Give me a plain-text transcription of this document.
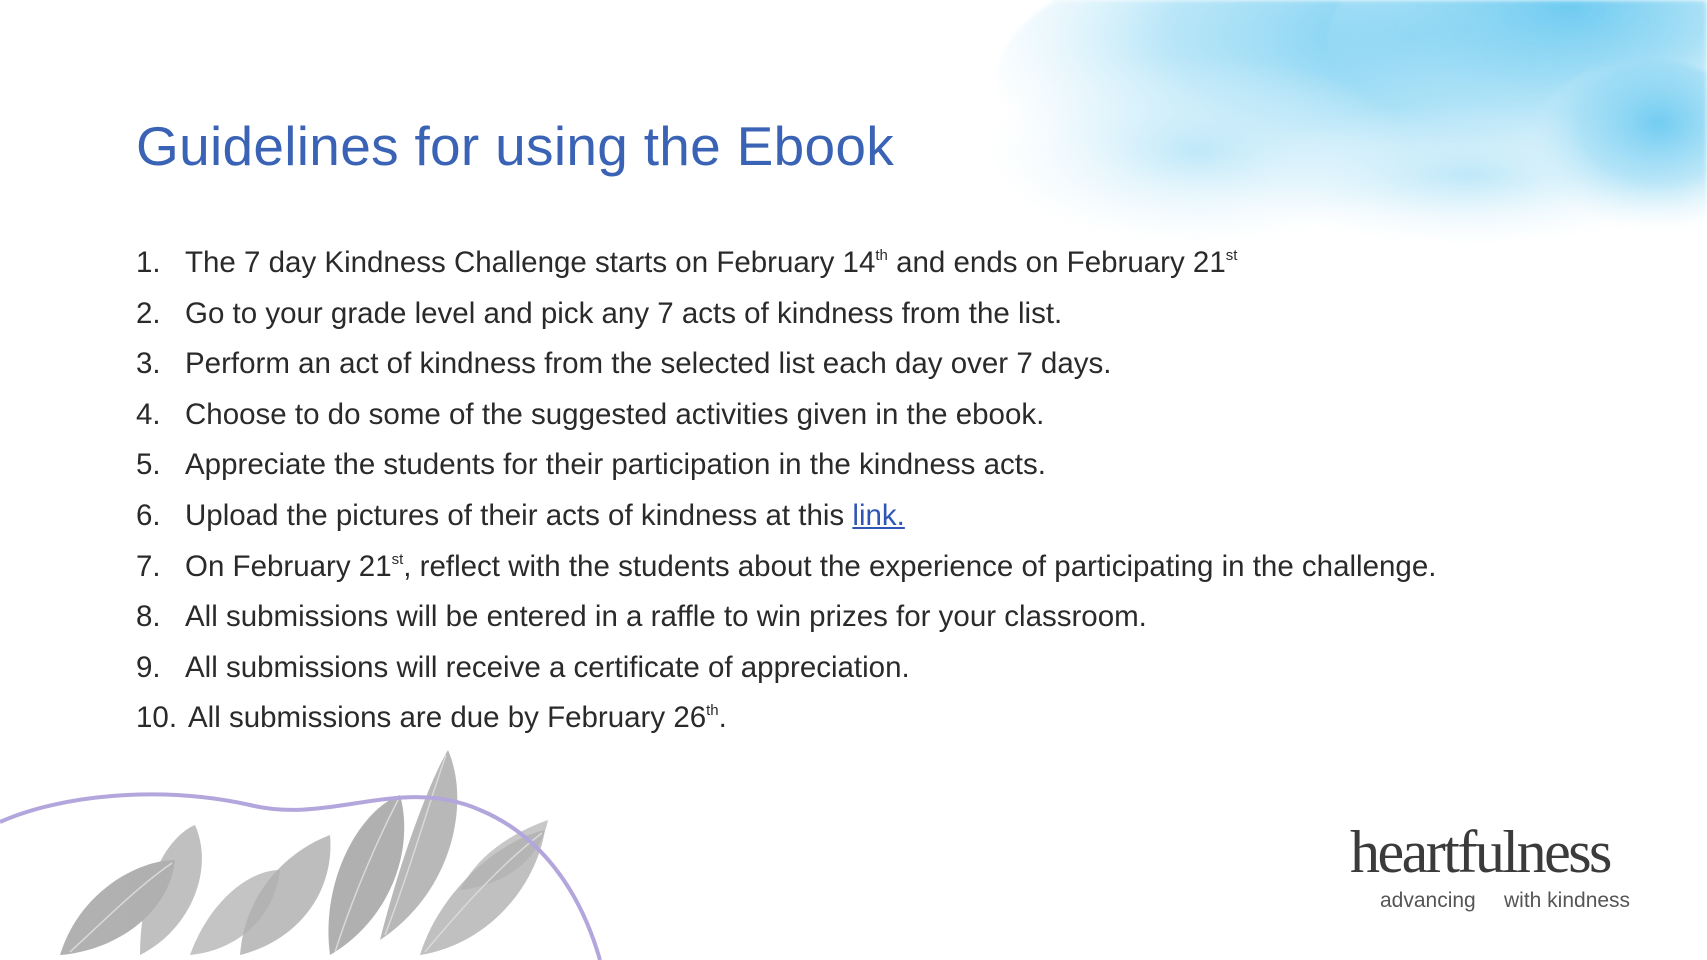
Guidelines for using the Ebook
1. The 7 day Kindness Challenge starts on February 14th and ends on February 21st
2. Go to your grade level and pick any 7 acts of kindness from the list.
3. Perform an act of kindness from the selected list each day over 7 days.
4. Choose to do some of the suggested activities given in the ebook.
5. Appreciate the students for their participation in the kindness acts.
6. Upload the pictures of their acts of kindness at this link.
7. On February 21st, reflect with the students about the experience of participating in the challenge.
8. All submissions will be entered in a raffle to win prizes for your classroom.
9. All submissions will receive a certificate of appreciation.
10. All submissions are due by February 26th.

heartfulness

advancing with kindness
